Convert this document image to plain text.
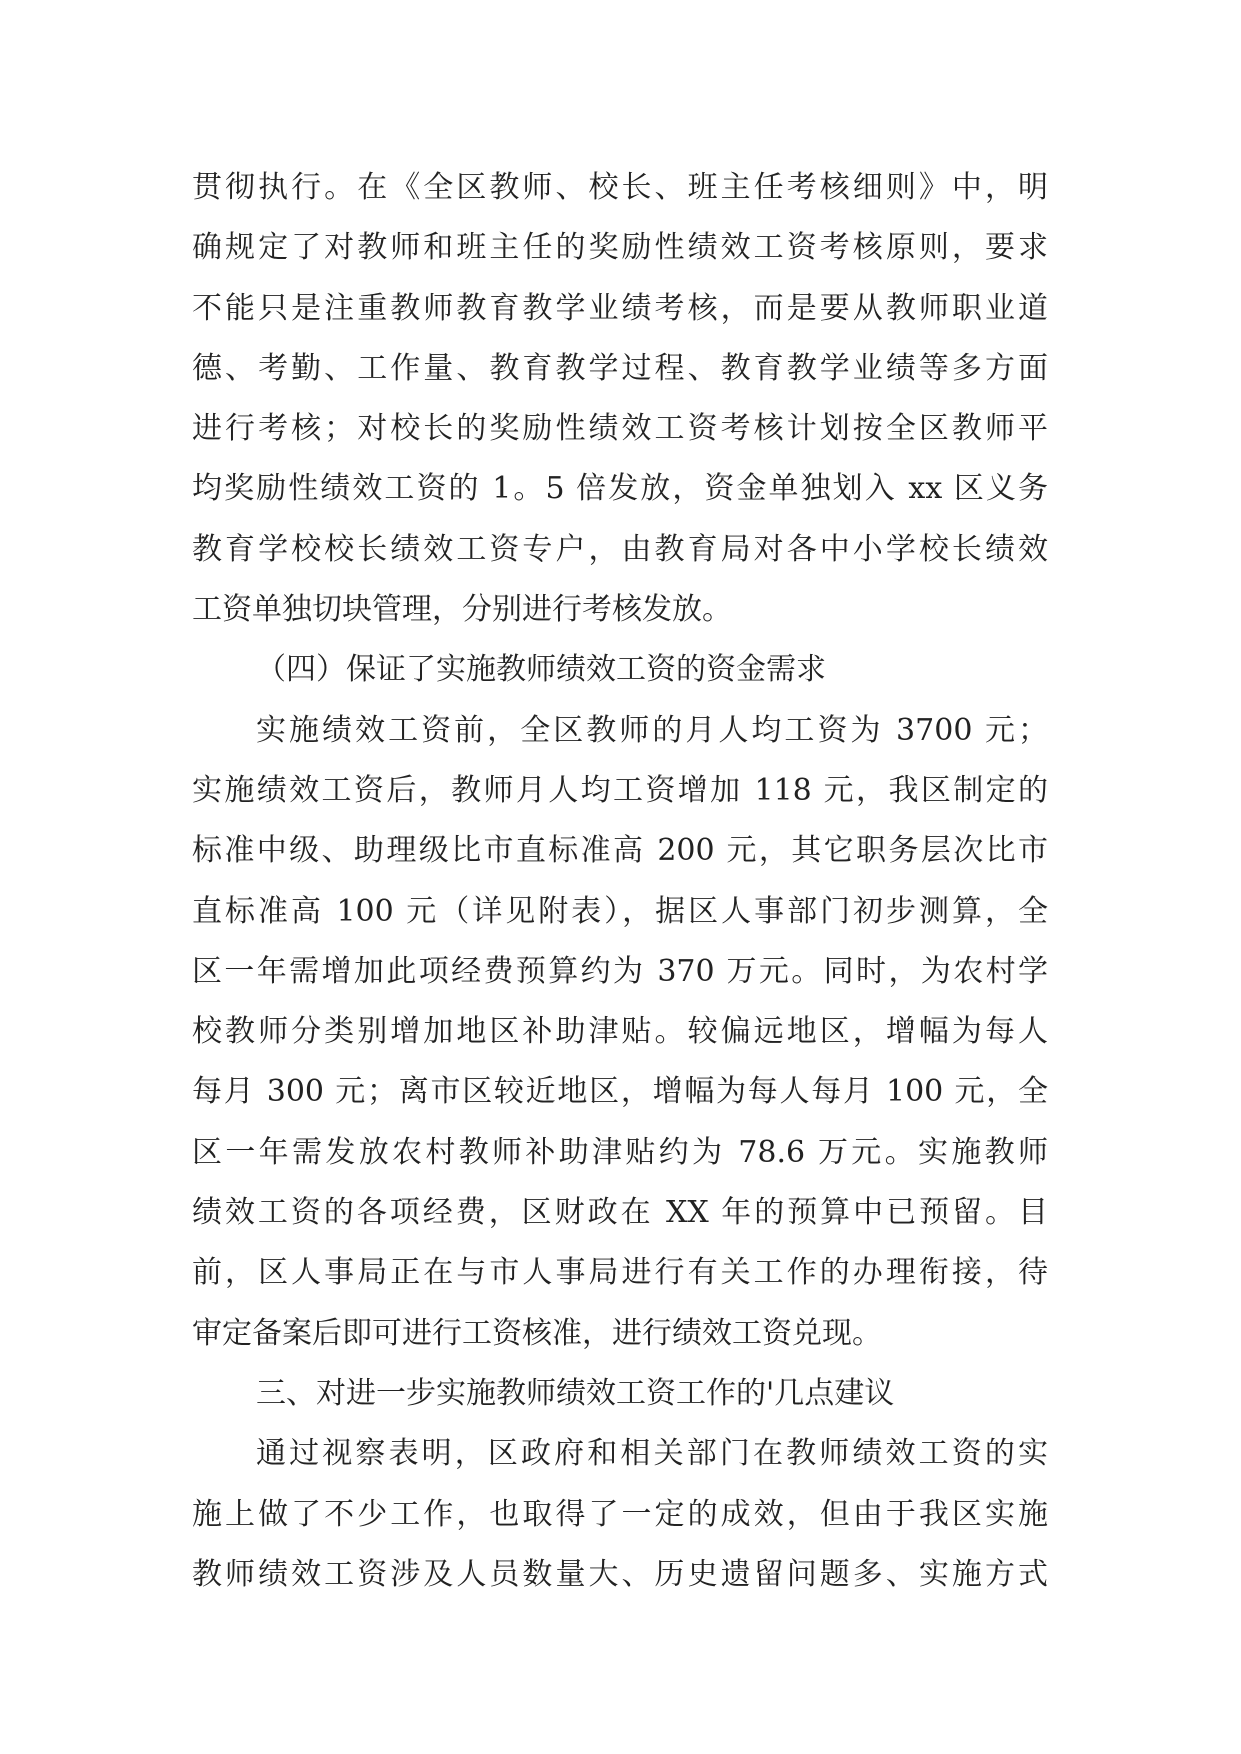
贯彻执行。在《全区教师、校长、班主任考核细则》中，明
确规定了对教师和班主任的奖励性绩效工资考核原则，要求
不能只是注重教师教育教学业绩考核，而是要从教师职业道
德、考勤、工作量、教育教学过程、教育教学业绩等多方面
进行考核；对校长的奖励性绩效工资考核计划按全区教师平
均奖励性绩效工资的 1。5 倍发放，资金单独划入 xx 区义务
教育学校校长绩效工资专户，由教育局对各中小学校长绩效
工资单独切块管理，分别进行考核发放。
（四）保证了实施教师绩效工资的资金需求
实施绩效工资前，全区教师的月人均工资为 3700 元；
实施绩效工资后，教师月人均工资增加 118 元，我区制定的
标准中级、助理级比市直标准高 200 元，其它职务层次比市
直标准高 100 元（详见附表），据区人事部门初步测算，全
区一年需增加此项经费预算约为 370 万元。同时，为农村学
校教师分类别增加地区补助津贴。较偏远地区，增幅为每人
每月 300 元；离市区较近地区，增幅为每人每月 100 元，全
区一年需发放农村教师补助津贴约为 78.6 万元。实施教师
绩效工资的各项经费，区财政在 XX 年的预算中已预留。目
前，区人事局正在与市人事局进行有关工作的办理衔接，待
审定备案后即可进行工资核准，进行绩效工资兑现。
三、对进一步实施教师绩效工资工作的'几点建议
通过视察表明，区政府和相关部门在教师绩效工资的实
施上做了不少工作，也取得了一定的成效，但由于我区实施
教师绩效工资涉及人员数量大、历史遗留问题多、实施方式
